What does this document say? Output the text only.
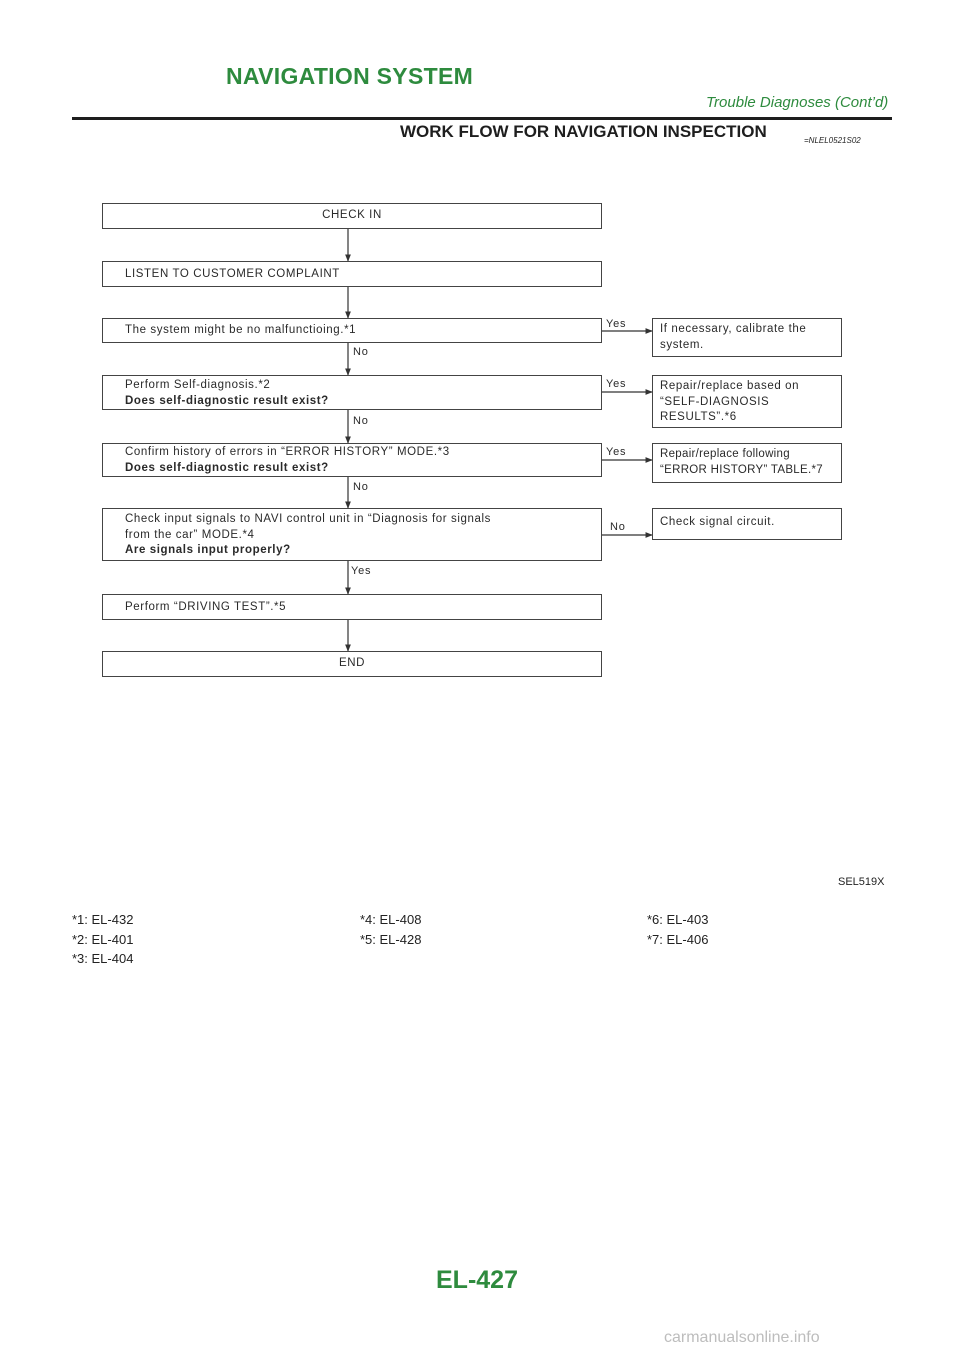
NAVIGATION SYSTEM
Trouble Diagnoses (Cont’d)
WORK FLOW FOR NAVIGATION INSPECTION	=NLEL0521S02
CHECK IN
LISTEN TO CUSTOMER COMPLAINT
The system might be no malfunctioing.*1
Perform Self-diagnosis.*2
Does self-diagnostic result exist?
Confirm history of errors in “ERROR HISTORY” MODE.*3
Does self-diagnostic result exist?
Check input signals to NAVI control unit in “Diagnosis for signals
from the car” MODE.*4
Are signals input properly?
Perform “DRIVING TEST”.*5
END
If necessary, calibrate the
system.
Repair/replace based on
“SELF-DIAGNOSIS
RESULTS”.*6
Repair/replace following
“ERROR HISTORY” TABLE.*7
Check signal circuit.
Yes
No
Yes
No
Yes
No
No
Yes
SEL519X
*1: EL-432
*2: EL-401
*3: EL-404
*4: EL-408
*5: EL-428
*6: EL-403
*7: EL-406
EL-427
carmanualsonline.info
